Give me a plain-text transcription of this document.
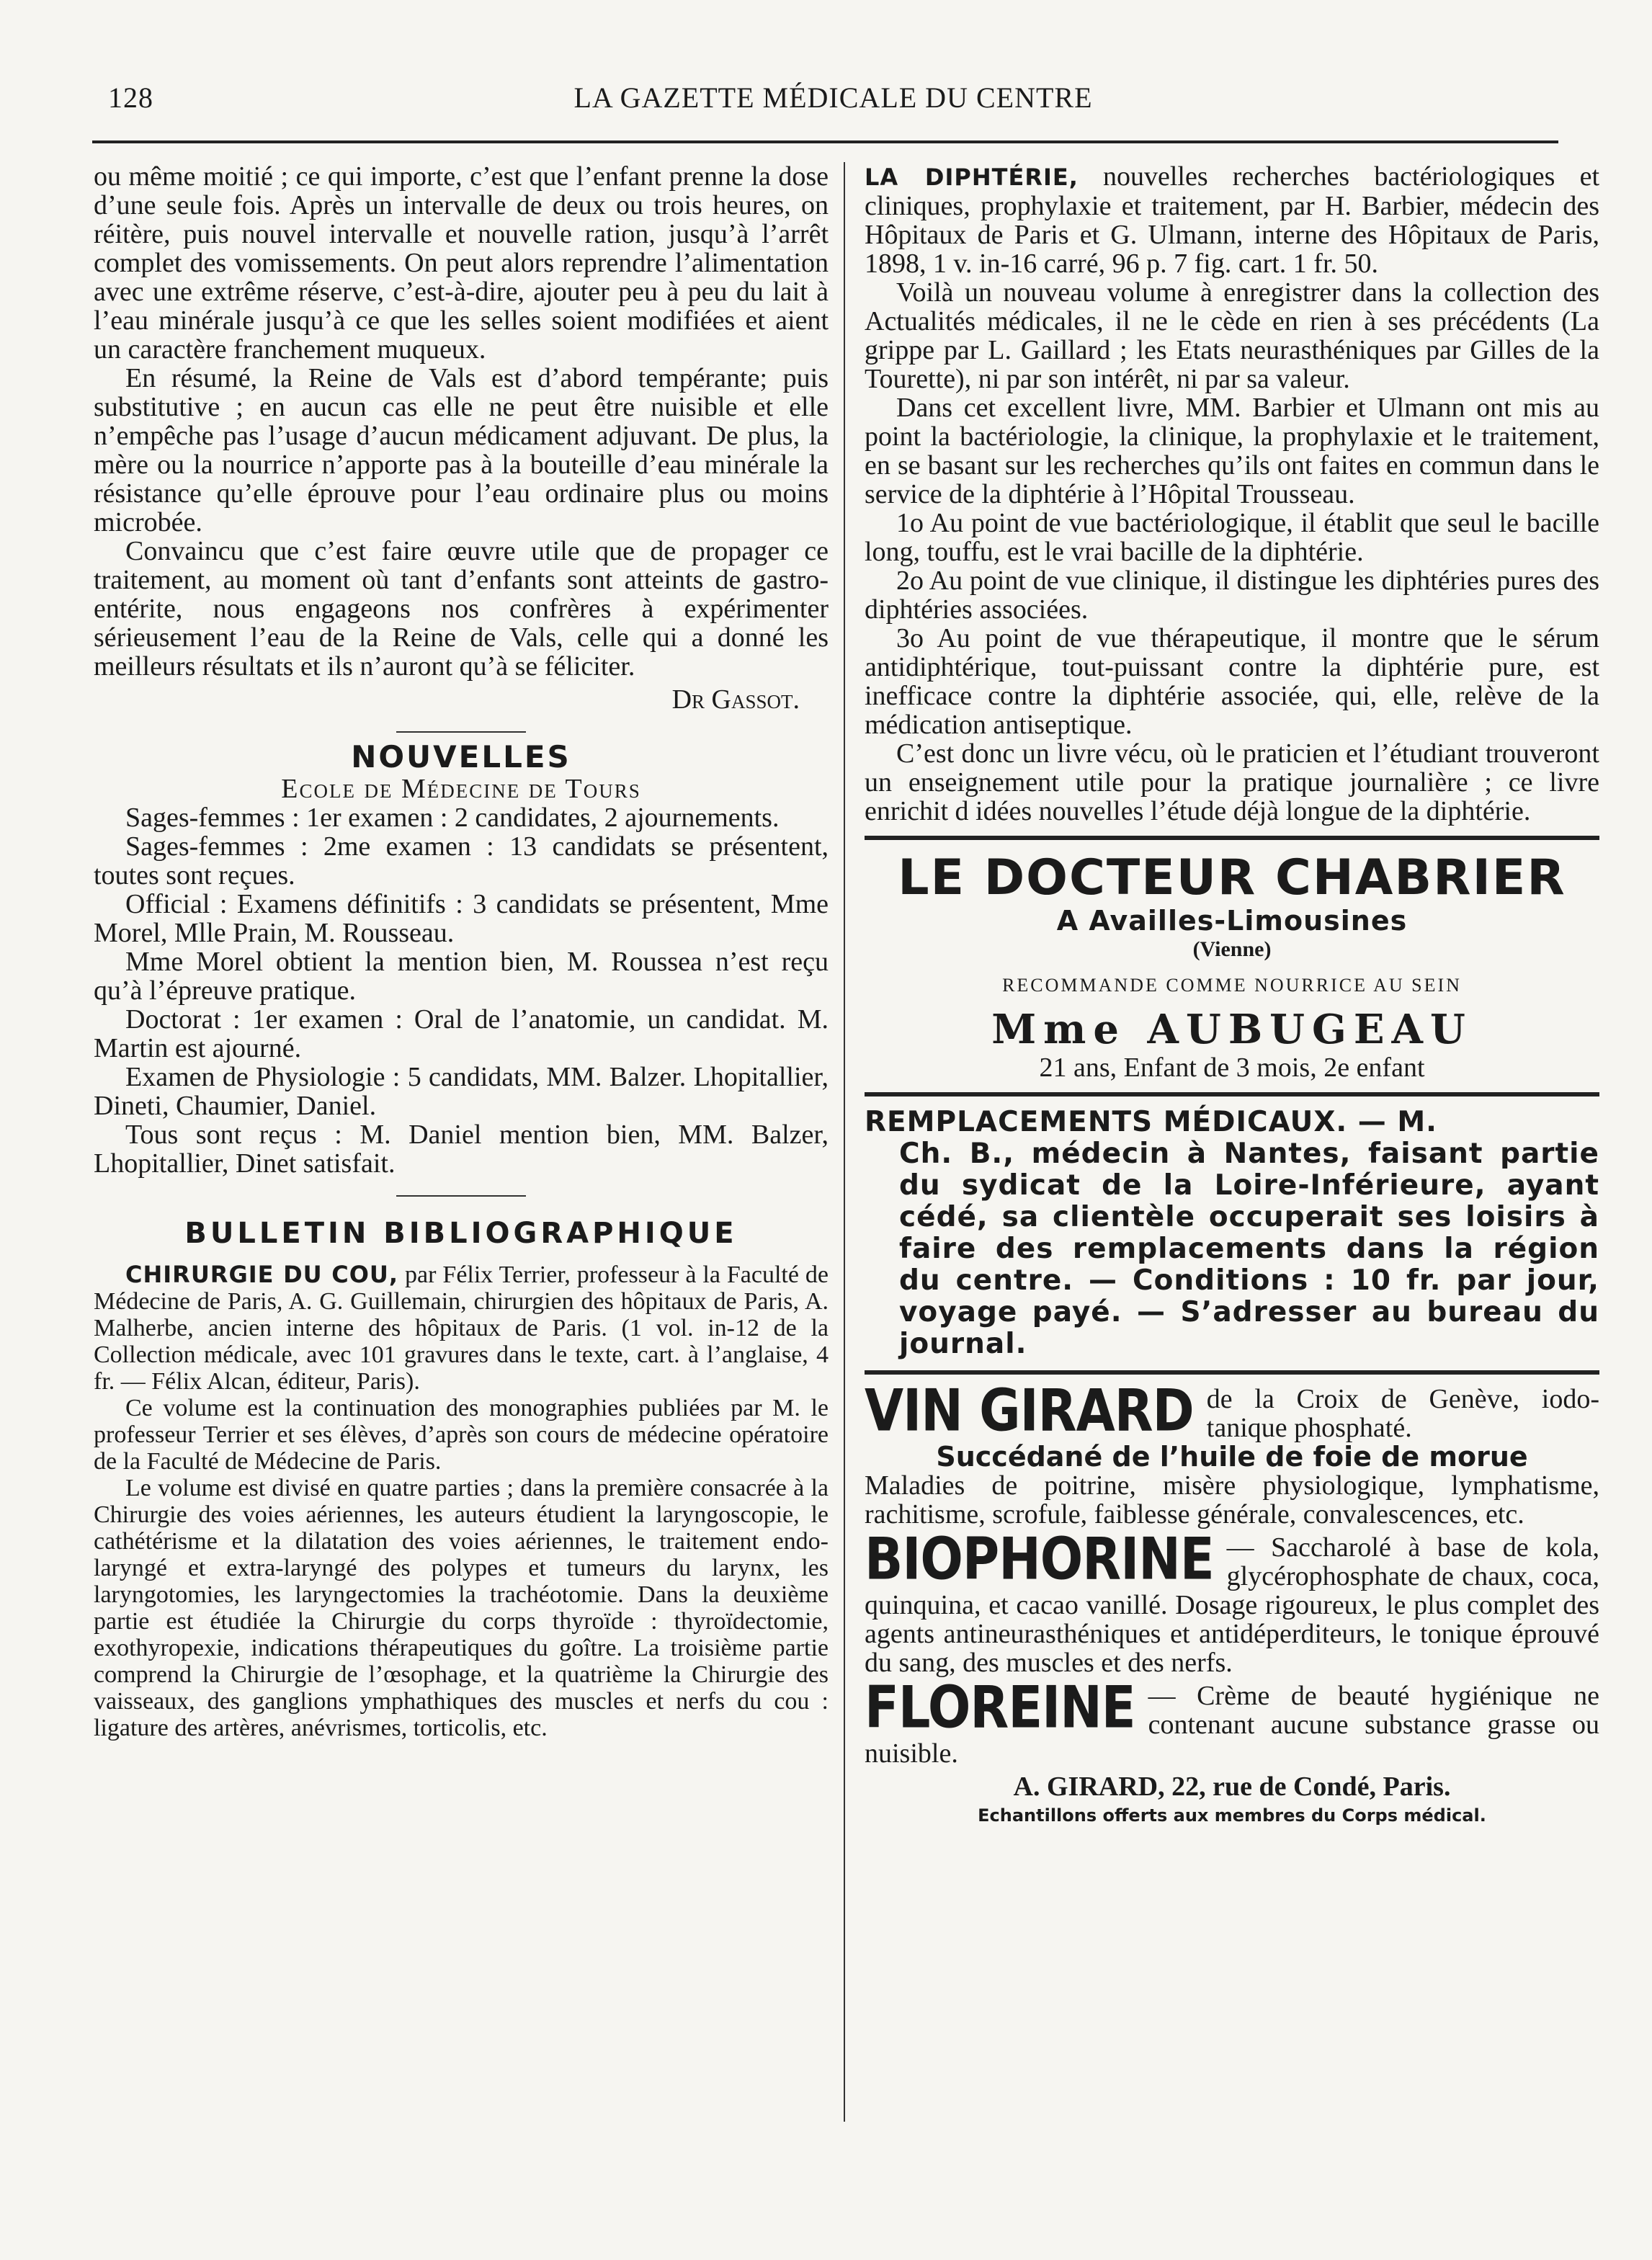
128	LA GAZETTE MÉDICALE DU CENTRE

ou même moitié ; ce qui importe, c’est que l’enfant prenne la dose d’une seule fois. Après un intervalle de deux ou trois heures, on réitère, puis nouvel intervalle et nouvelle ration, jusqu’à l’arrêt complet des vomissements. On peut alors reprendre l’alimentation avec une extrême réserve, c’est-à-dire, ajouter peu à peu du lait à l’eau minérale jusqu’à ce que les selles soient modifiées et aient un caractère franchement muqueux.

En résumé, la Reine de Vals est d’abord tempérante; puis substitutive ; en aucun cas elle ne peut être nuisible et elle n’empêche pas l’usage d’aucun médicament adjuvant. De plus, la mère ou la nourrice n’apporte pas à la bouteille d’eau minérale la résistance qu’elle éprouve pour l’eau ordinaire plus ou moins microbée.

Convaincu que c’est faire œuvre utile que de propager ce traitement, au moment où tant d’enfants sont atteints de gastro-entérite, nous engageons nos confrères à expérimenter sérieusement l’eau de la Reine de Vals, celle qui a donné les meilleurs résultats et ils n’auront qu’à se féliciter.

Dr Gassot.

NOUVELLES
Ecole de Médecine de Tours

Sages-femmes : 1er examen : 2 candidates, 2 ajournements.

Sages-femmes : 2me examen : 13 candidats se présentent, toutes sont reçues.

Official : Examens définitifs : 3 candidats se présentent, Mme Morel, Mlle Prain, M. Rousseau.

Mme Morel obtient la mention bien, M. Roussea n’est reçu qu’à l’épreuve pratique.

Doctorat : 1er examen : Oral de l’anatomie, un candidat. M. Martin est ajourné.

Examen de Physiologie : 5 candidats, MM. Balzer. Lhopitallier, Dineti, Chaumier, Daniel.

Tous sont reçus : M. Daniel mention bien, MM. Balzer, Lhopitallier, Dinet satisfait.

BULLETIN BIBLIOGRAPHIQUE

CHIRURGIE DU COU, par Félix Terrier, professeur à la Faculté de Médecine de Paris, A. G. Guillemain, chirurgien des hôpitaux de Paris, A. Malherbe, ancien interne des hôpitaux de Paris. (1 vol. in-12 de la Collection médicale, avec 101 gravures dans le texte, cart. à l’anglaise, 4 fr. — Félix Alcan, éditeur, Paris).

Ce volume est la continuation des monographies publiées par M. le professeur Terrier et ses élèves, d’après son cours de médecine opératoire de la Faculté de Médecine de Paris.

Le volume est divisé en quatre parties ; dans la première consacrée à la Chirurgie des voies aériennes, les auteurs étudient la laryngoscopie, le cathétérisme et la dilatation des voies aériennes, le traitement endo-laryngé et extra-laryngé des polypes et tumeurs du larynx, les laryngotomies, les laryngectomies la trachéotomie. Dans la deuxième partie est étudiée la Chirurgie du corps thyroïde : thyroïdectomie, exothyropexie, indications thérapeutiques du goître. La troisième partie comprend la Chirurgie de l’œsophage, et la quatrième la Chirurgie des vaisseaux, des ganglions ymphathiques des muscles et nerfs du cou : ligature des artères, anévrismes, torticolis, etc.

LA DIPHTÉRIE, nouvelles recherches bactériologiques et cliniques, prophylaxie et traitement, par H. Barbier, médecin des Hôpitaux de Paris et G. Ulmann, interne des Hôpitaux de Paris, 1898, 1 v. in-16 carré, 96 p. 7 fig. cart. 1 fr. 50.

Voilà un nouveau volume à enregistrer dans la collection des Actualités médicales, il ne le cède en rien à ses précédents (La grippe par L. Gaillard ; les Etats neurasthéniques par Gilles de la Tourette), ni par son intérêt, ni par sa valeur.

Dans cet excellent livre, MM. Barbier et Ulmann ont mis au point la bactériologie, la clinique, la prophylaxie et le traitement, en se basant sur les recherches qu’ils ont faites en commun dans le service de la diphtérie à l’Hôpital Trousseau.

1o Au point de vue bactériologique, il établit que seul le bacille long, touffu, est le vrai bacille de la diphtérie.

2o Au point de vue clinique, il distingue les diphtéries pures des diphtéries associées.

3o Au point de vue thérapeutique, il montre que le sérum antidiphtérique, tout-puissant contre la diphtérie pure, est inefficace contre la diphtérie associée, qui, elle, relève de la médication antiseptique.

C’est donc un livre vécu, où le praticien et l’étudiant trouveront un enseignement utile pour la pratique journalière ; ce livre enrichit d idées nouvelles l’étude déjà longue de la diphtérie.

LE DOCTEUR CHABRIER
A Availles-Limousines
(Vienne)
RECOMMANDE COMME NOURRICE AU SEIN
Mme AUBUGEAU
21 ans, Enfant de 3 mois, 2e enfant
REMPLACEMENTS MÉDICAUX. — M.
Ch. B., médecin à Nantes, faisant partie du sydicat de la Loire-Inférieure, ayant cédé, sa clientèle occuperait ses loisirs à faire des remplacements dans la région du centre. — Conditions : 10 fr. par jour, voyage payé. — S’adresser au bureau du journal.
VIN GIRARD de la Croix de Genève, iodo-tanique phosphaté.
Succédané de l’huile de foie de morue

Maladies de poitrine, misère physiologique, lymphatisme, rachitisme, scrofule, faiblesse générale, convalescences, etc.

BIOPHORINE — Saccharolé à base de kola, glycérophosphate de chaux, coca, quinquina, et cacao vanillé. Dosage rigoureux, le plus complet des agents antineurasthéniques et antidéperditeurs, le tonique éprouvé du sang, des muscles et des nerfs.
FLOREINE — Crème de beauté hygiénique ne contenant aucune substance grasse ou nuisible.
A. GIRARD, 22, rue de Condé, Paris.
Echantillons offerts aux membres du Corps médical.
